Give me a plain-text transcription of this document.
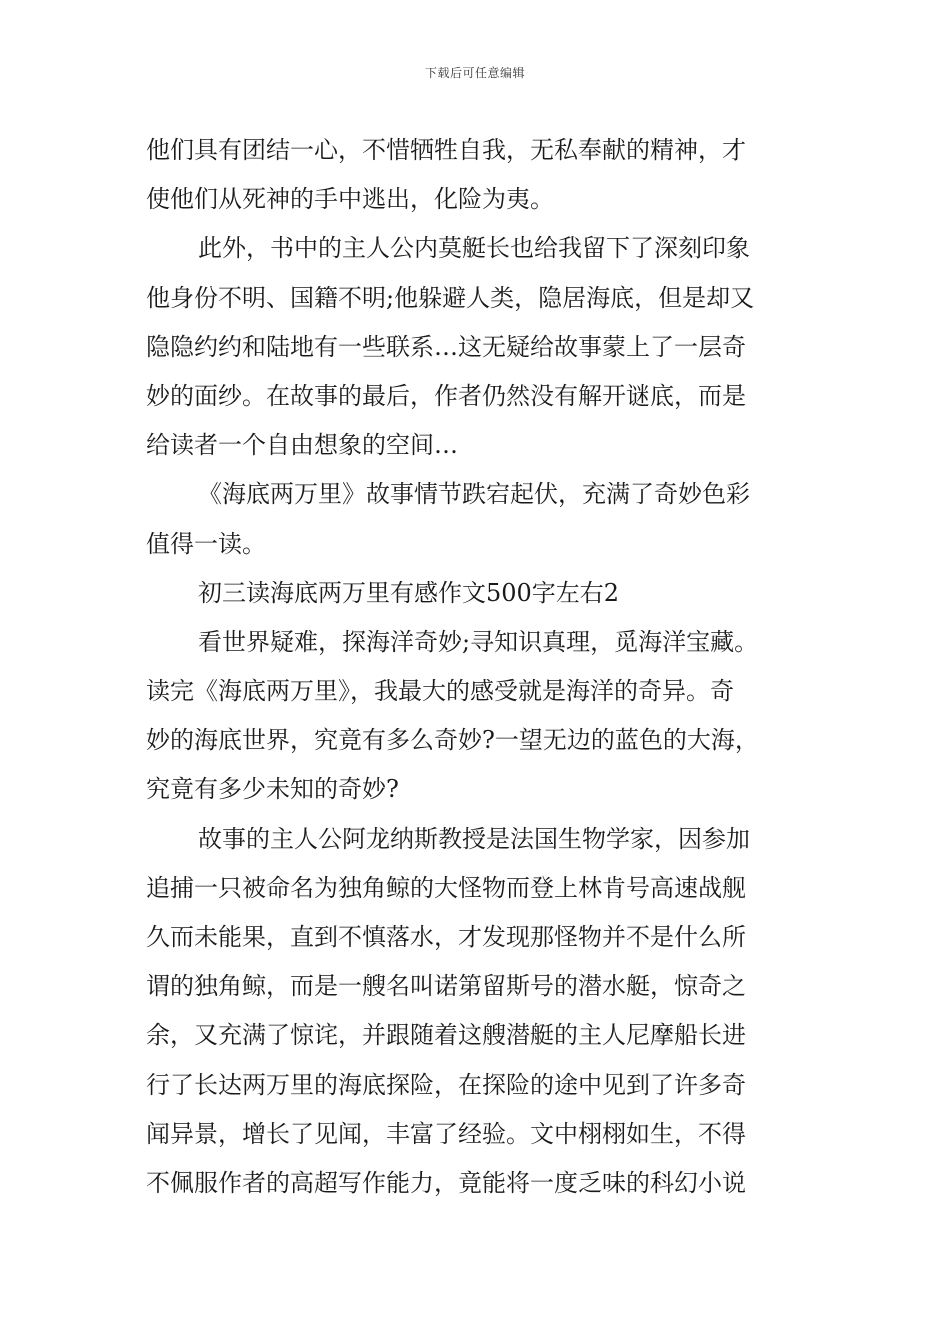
下载后可任意编辑
他们具有团结一心，不惜牺牲自我，无私奉献的精神，才
使他们从死神的手中逃出，化险为夷。
此外，书中的主人公内莫艇长也给我留下了深刻印象
他身份不明、国籍不明;他躲避人类，隐居海底，但是却又
隐隐约约和陆地有一些联系…这无疑给故事蒙上了一层奇
妙的面纱。在故事的最后，作者仍然没有解开谜底，而是
给读者一个自由想象的空间…
《海底两万里》故事情节跌宕起伏，充满了奇妙色彩
值得一读。
初三读海底两万里有感作文500字左右2
看世界疑难，探海洋奇妙;寻知识真理，觅海洋宝藏。
读完《海底两万里》，我最大的感受就是海洋的奇异。奇
妙的海底世界，究竟有多么奇妙?一望无边的蓝色的大海，
究竟有多少未知的奇妙?
故事的主人公阿龙纳斯教授是法国生物学家，因参加
追捕一只被命名为独角鲸的大怪物而登上林肯号高速战舰
久而未能果，直到不慎落水，才发现那怪物并不是什么所
谓的独角鲸，而是一艘名叫诺第留斯号的潜水艇，惊奇之
余，又充满了惊诧，并跟随着这艘潜艇的主人尼摩船长进
行了长达两万里的海底探险，在探险的途中见到了许多奇
闻异景，增长了见闻，丰富了经验。文中栩栩如生，不得
不佩服作者的高超写作能力，竟能将一度乏味的科幻小说
